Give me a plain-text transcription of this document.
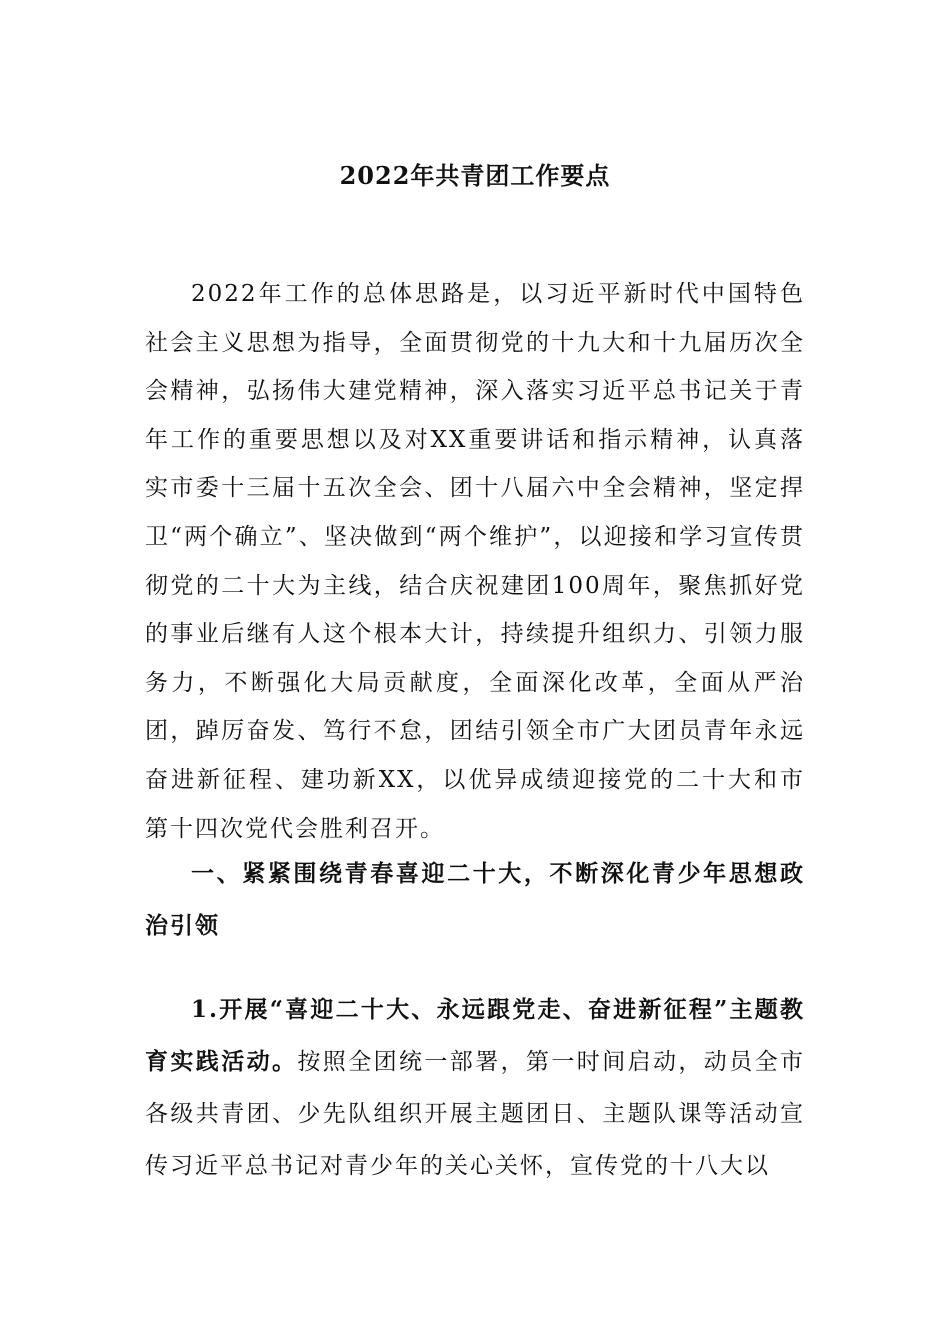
2022年共青团工作要点

2022年工作的总体思路是，以习近平新时代中国特色社会主义思想为指导，全面贯彻党的十九大和十九届历次全会精神，弘扬伟大建党精神，深入落实习近平总书记关于青年工作的重要思想以及对XX重要讲话和指示精神，认真落实市委十三届十五次全会、团十八届六中全会精神，坚定捍卫“两个确立”、坚决做到“两个维护”，以迎接和学习宣传贯彻党的二十大为主线，结合庆祝建团100周年，聚焦抓好党的事业后继有人这个根本大计，持续提升组织力、引领力服务力，不断强化大局贡献度，全面深化改革，全面从严治团，踔厉奋发、笃行不怠，团结引领全市广大团员青年永远奋进新征程、建功新XX，以优异成绩迎接党的二十大和市第十四次党代会胜利召开。

一、紧紧围绕青春喜迎二十大，不断深化青少年思想政治引领

1.开展“喜迎二十大、永远跟党走、奋进新征程”主题教育实践活动。按照全团统一部署，第一时间启动，动员全市各级共青团、少先队组织开展主题团日、主题队课等活动宣传习近平总书记对青少年的关心关怀，宣传党的十八大以
